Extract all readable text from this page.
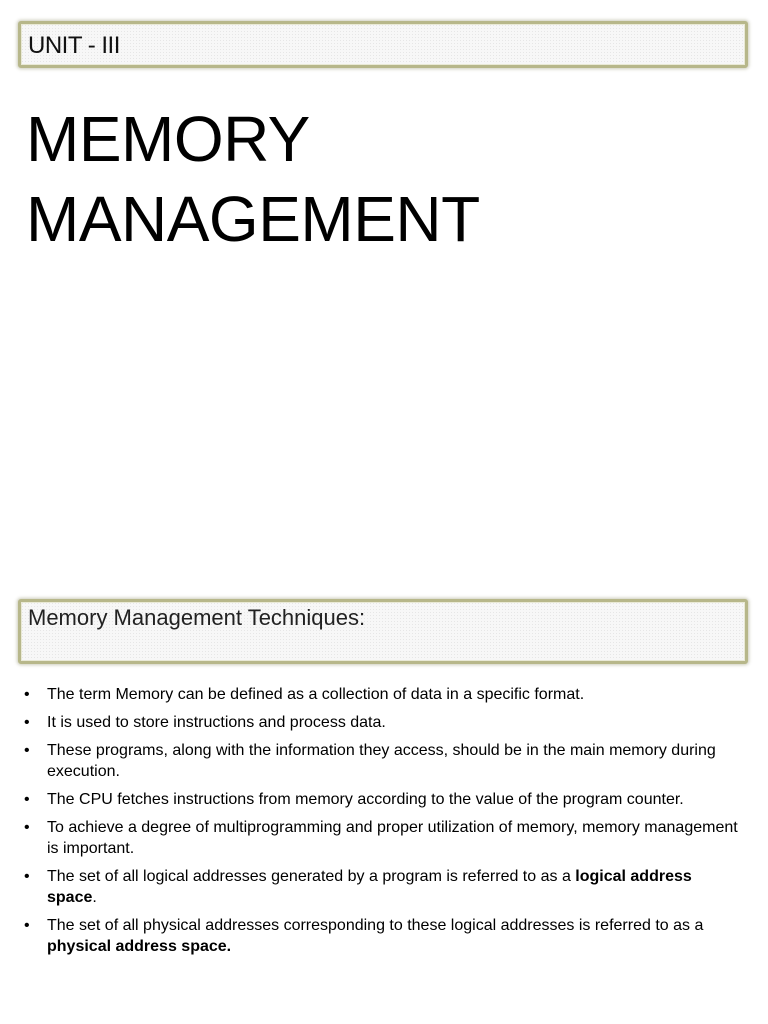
UNIT - III
MEMORY
MANAGEMENT
Memory Management Techniques:
• The term Memory can be defined as a collection of data in a specific format.
• It is used to store instructions and process data.
• These programs, along with the information they access, should be in the main memory during execution.
• The CPU fetches instructions from memory according to the value of the program counter.
• To achieve a degree of multiprogramming and proper utilization of memory, memory management is important.
• The set of all logical addresses generated by a program is referred to as a logical address space.
• The set of all physical addresses corresponding to these logical addresses is referred to as a physical address space.
